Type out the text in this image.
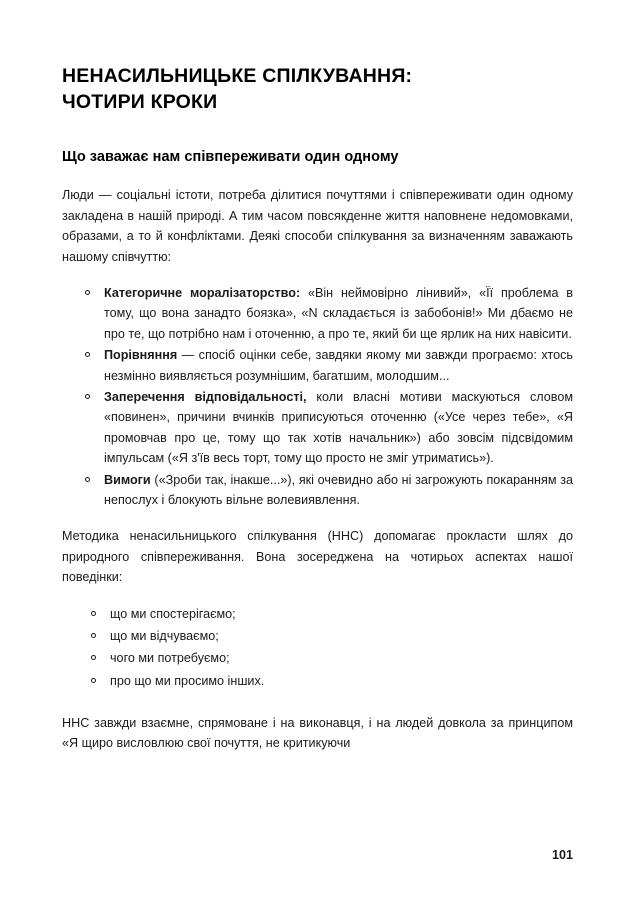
НЕНАСИЛЬНИЦЬКЕ СПІЛКУВАННЯ:
ЧОТИРИ КРОКИ
Що заважає нам співпереживати один одному

Люди — соціальні істоти, потреба ділитися почуттями і співпереживати один одному закладена в нашій природі. А тим часом повсякденне життя наповнене недомовками, образами, а то й конфліктами. Деякі способи спілкування за визначенням заважають нашому співчуттю:

Категоричне моралізаторство: «Він неймовірно лінивий», «Її проблема в тому, що вона занадто боязка», «N складається із забобонів!» Ми дбаємо не про те, що потрібно нам і оточенню, а про те, який би ще ярлик на них навісити.
Порівняння — спосіб оцінки себе, завдяки якому ми завжди програємо: хтось незмінно виявляється розумнішим, багатшим, молодшим...
Заперечення відповідальності, коли власні мотиви маскуються словом «повинен», причини вчинків приписуються оточенню («Усе через тебе», «Я промовчав про це, тому що так хотів начальник») або зовсім підсвідомим імпульсам («Я з'їв весь торт, тому що просто не зміг утриматись»).
Вимоги («Зроби так, інакше...»), які очевидно або ні загрожують покаранням за непослух і блокують вільне волевиявлення.

Методика ненасильницького спілкування (ННС) допомагає прокласти шлях до природного співпереживання. Вона зосереджена на чотирьох аспектах нашої поведінки:

що ми спостерігаємо;
що ми відчуваємо;
чого ми потребуємо;
про що ми просимо інших.

ННС завжди взаємне, спрямоване і на виконавця, і на людей довкола за принципом «Я щиро висловлюю свої почуття, не критикуючи

101
